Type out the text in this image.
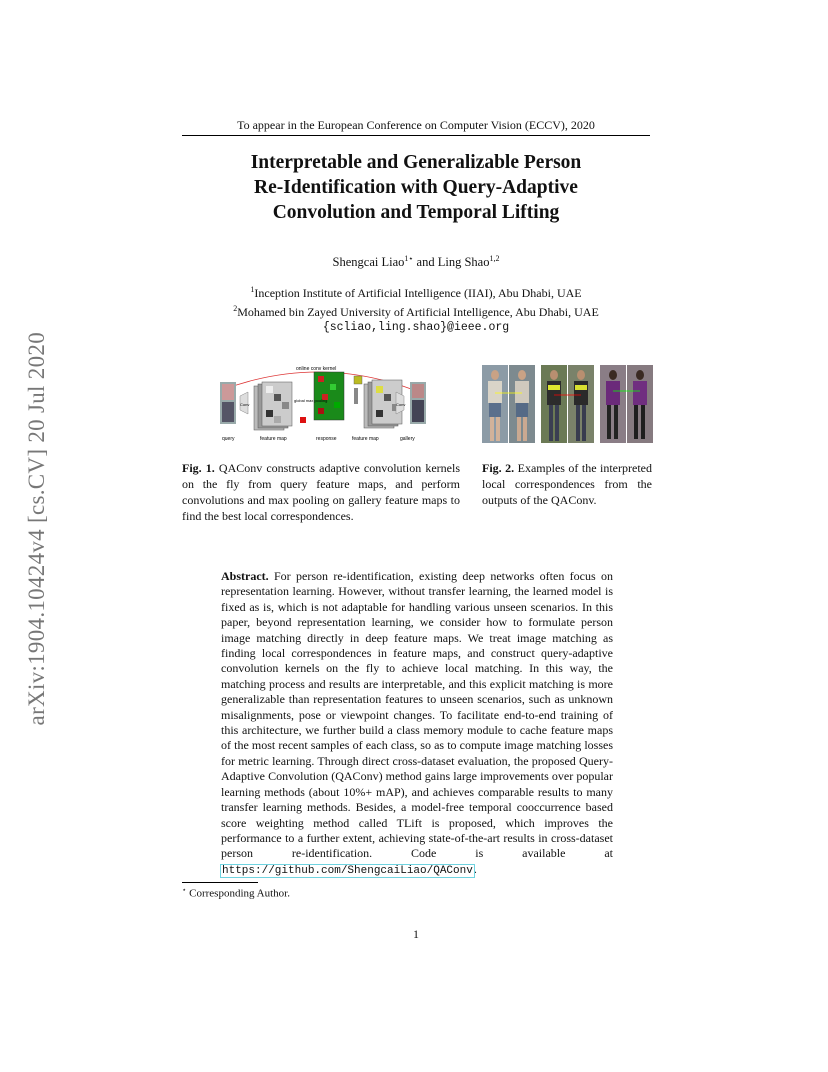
arXiv:1904.10424v4 [cs.CV] 20 Jul 2020
To appear in the European Conference on Computer Vision (ECCV), 2020
Interpretable and Generalizable Person
Re-Identification with Query-Adaptive
Convolution and Temporal Lifting
Shengcai Liao$^{1⋆}$ and Ling Shao$^{1,2}$
$^1$Inception Institute of Artificial Intelligence (IIAI), Abu Dhabi, UAE
$^2$Mohamed bin Zayed University of Artificial Intelligence, Abu Dhabi, UAE
{scliao,ling.shao}@ieee.org
online conv kernel
global max pooling
Conv	Conv
query	feature map	response	feature map	gallery
Fig. 1. QAConv constructs adaptive convolution kernels on the fly from query feature maps, and perform convolutions and max pooling on gallery feature maps to find the best local correspondences.
Fig. 2. Examples of the interpreted local correspondences from the outputs of the QAConv.
Abstract. For person re-identification, existing deep networks often focus on representation learning. However, without transfer learning, the learned model is fixed as is, which is not adaptable for handling various unseen scenarios. In this paper, beyond representation learning, we consider how to formulate person image matching directly in deep feature maps. We treat image matching as finding local correspondences in feature maps, and construct query-adaptive convolution kernels on the fly to achieve local matching. In this way, the matching process and results are interpretable, and this explicit matching is more generalizable than representation features to unseen scenarios, such as unknown misalignments, pose or viewpoint changes. To facilitate end-to-end training of this architecture, we further build a class memory module to cache feature maps of the most recent samples of each class, so as to compute image matching losses for metric learning. Through direct cross-dataset evaluation, the proposed Query-Adaptive Convolution (QAConv) method gains large improvements over popular learning methods (about 10%+ mAP), and achieves comparable results to many transfer learning methods. Besides, a model-free temporal cooccurrence based score weighting method called TLift is proposed, which improves the performance to a further extent, achieving state-of-the-art results in cross-dataset person re-identification. Code is available at https://github.com/ShengcaiLiao/QAConv.
⋆ Corresponding Author.
1
